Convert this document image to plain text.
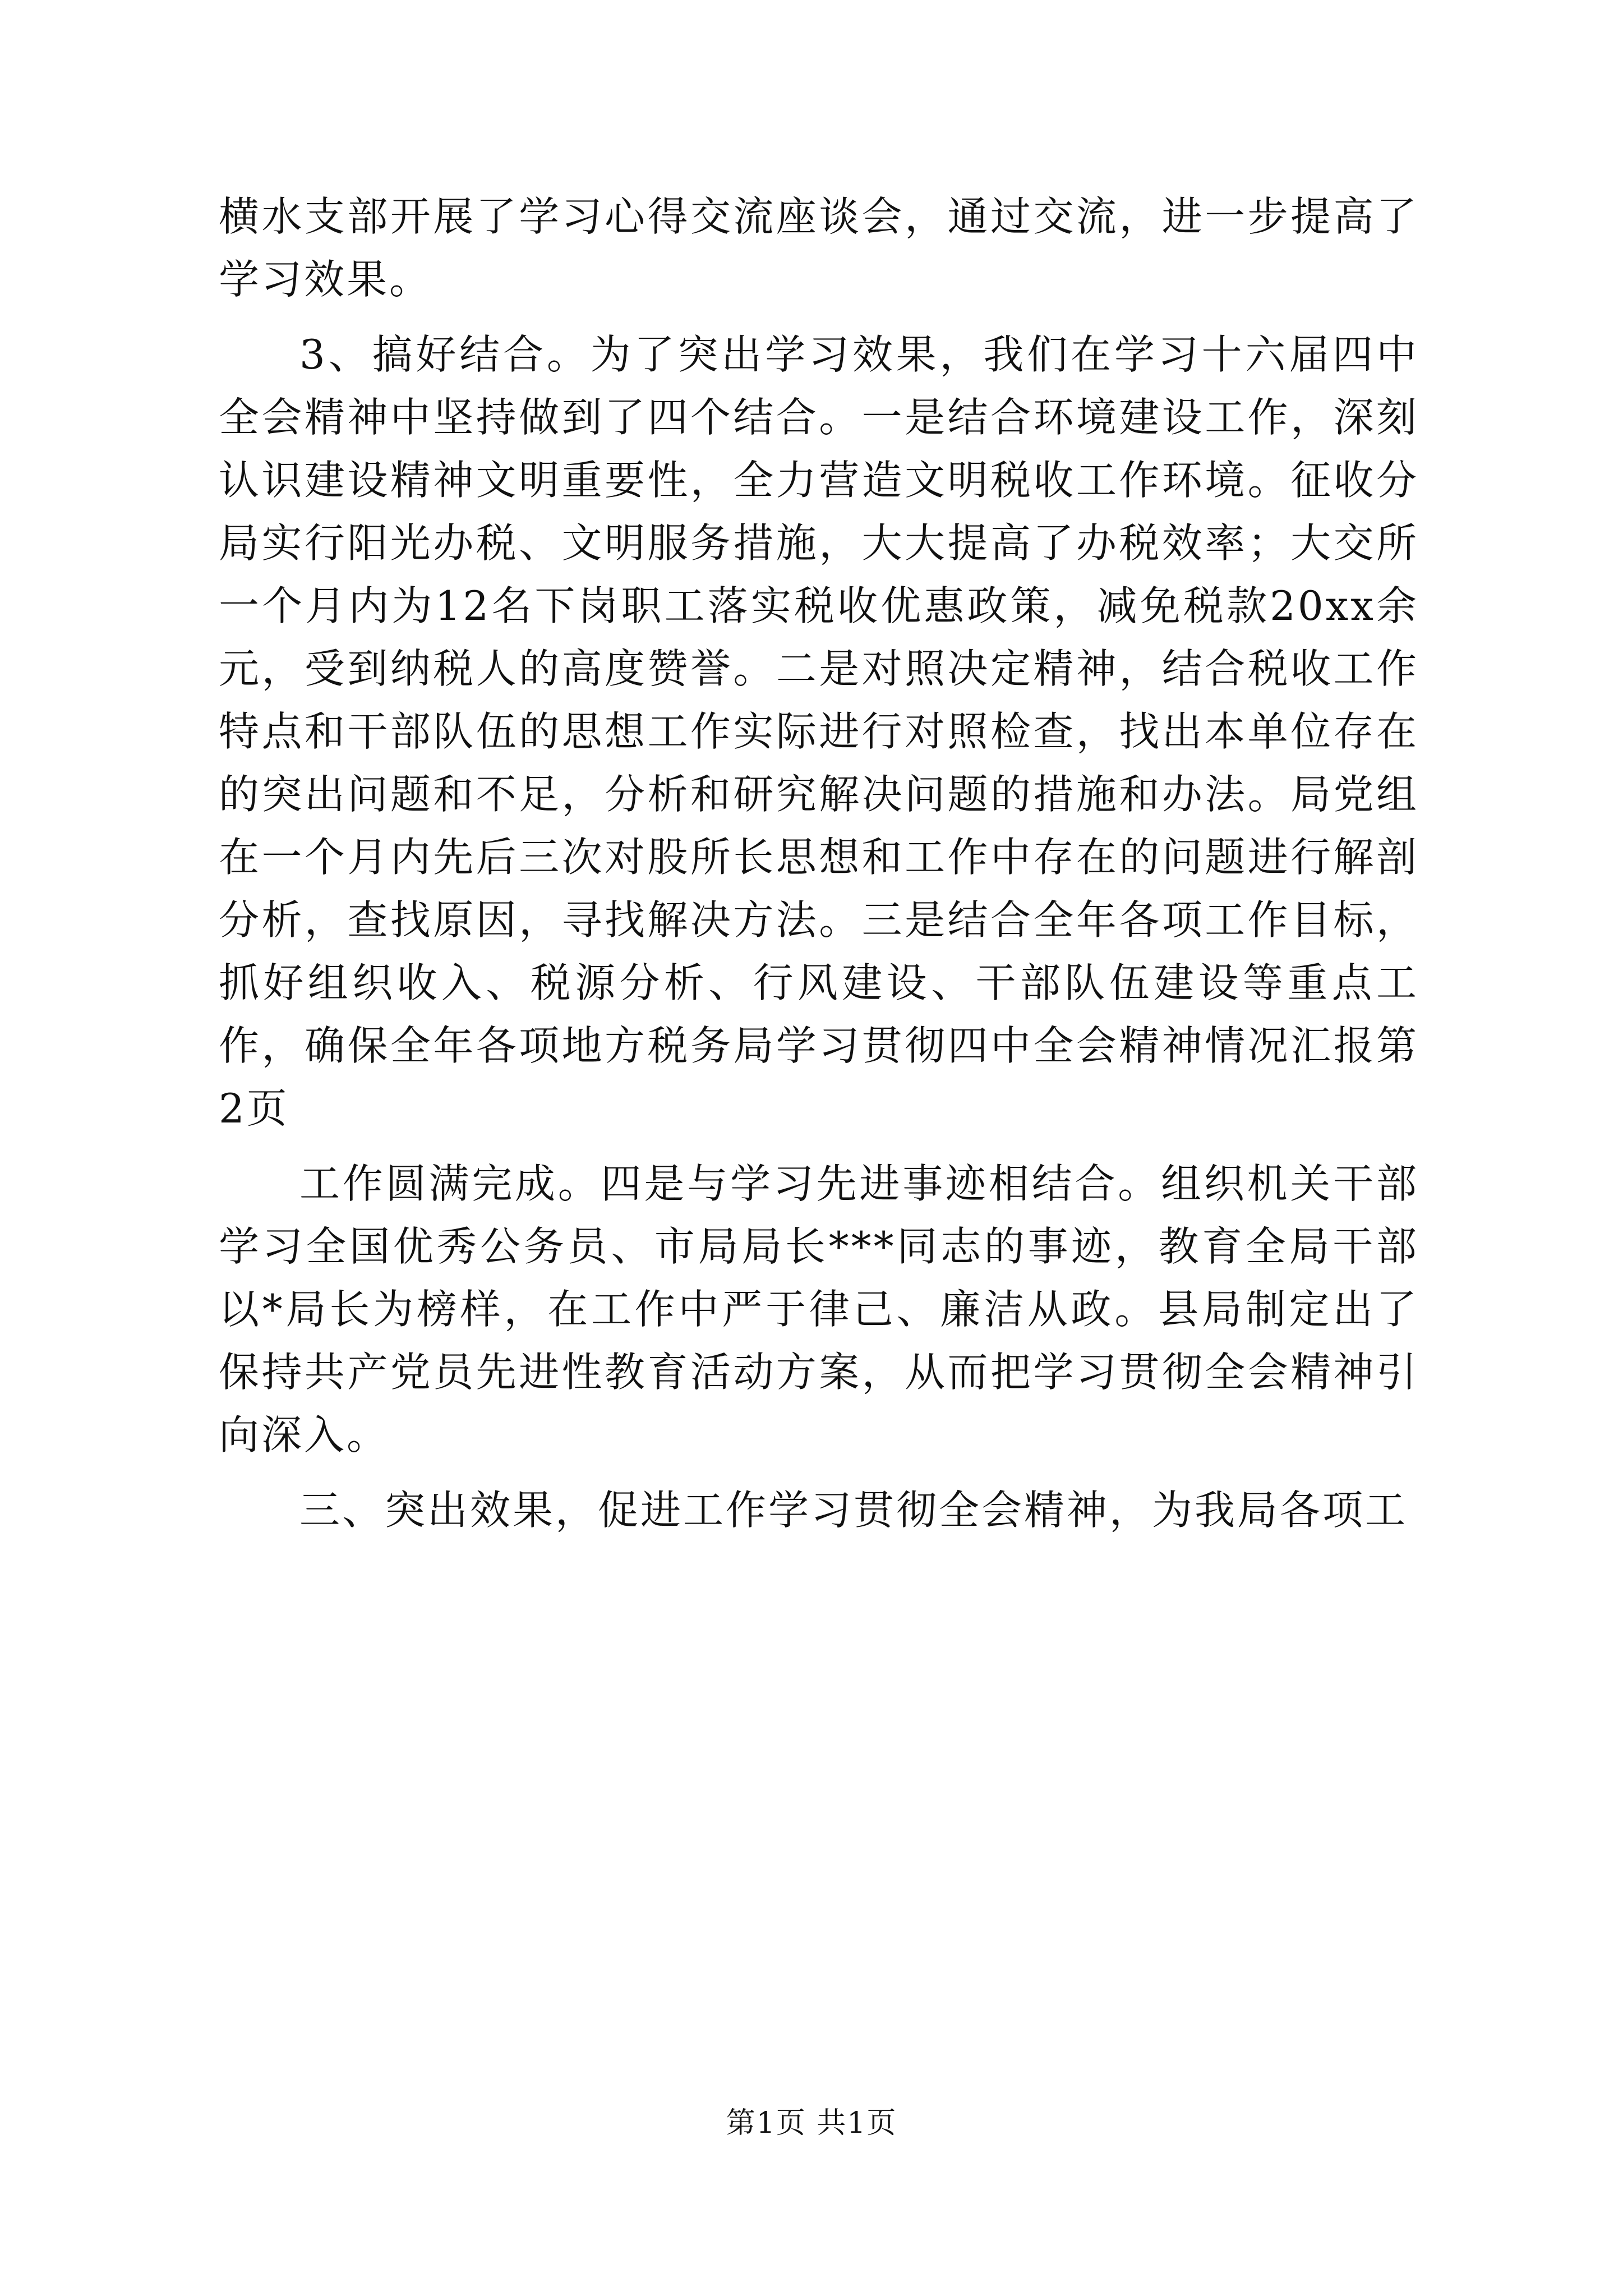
横水支部开展了学习心得交流座谈会，通过交流，进一步提高了学习效果。

3、搞好结合。为了突出学习效果，我们在学习十六届四中全会精神中坚持做到了四个结合。一是结合环境建设工作，深刻认识建设精神文明重要性，全力营造文明税收工作环境。征收分局实行阳光办税、文明服务措施，大大提高了办税效率；大交所一个月内为12名下岗职工落实税收优惠政策，减免税款20xx余元，受到纳税人的高度赞誉。二是对照决定精神，结合税收工作特点和干部队伍的思想工作实际进行对照检查，找出本单位存在的突出问题和不足，分析和研究解决问题的措施和办法。局党组在一个月内先后三次对股所长思想和工作中存在的问题进行解剖分析，查找原因，寻找解决方法。三是结合全年各项工作目标，抓好组织收入、税源分析、行风建设、干部队伍建设等重点工作，确保全年各项地方税务局学习贯彻四中全会精神情况汇报第2页

工作圆满完成。四是与学习先进事迹相结合。组织机关干部学习全国优秀公务员、市局局长***同志的事迹，教育全局干部以*局长为榜样，在工作中严于律己、廉洁从政。县局制定出了保持共产党员先进性教育活动方案，从而把学习贯彻全会精神引向深入。

三、突出效果，促进工作学习贯彻全会精神，为我局各项工

第1页 共1页
